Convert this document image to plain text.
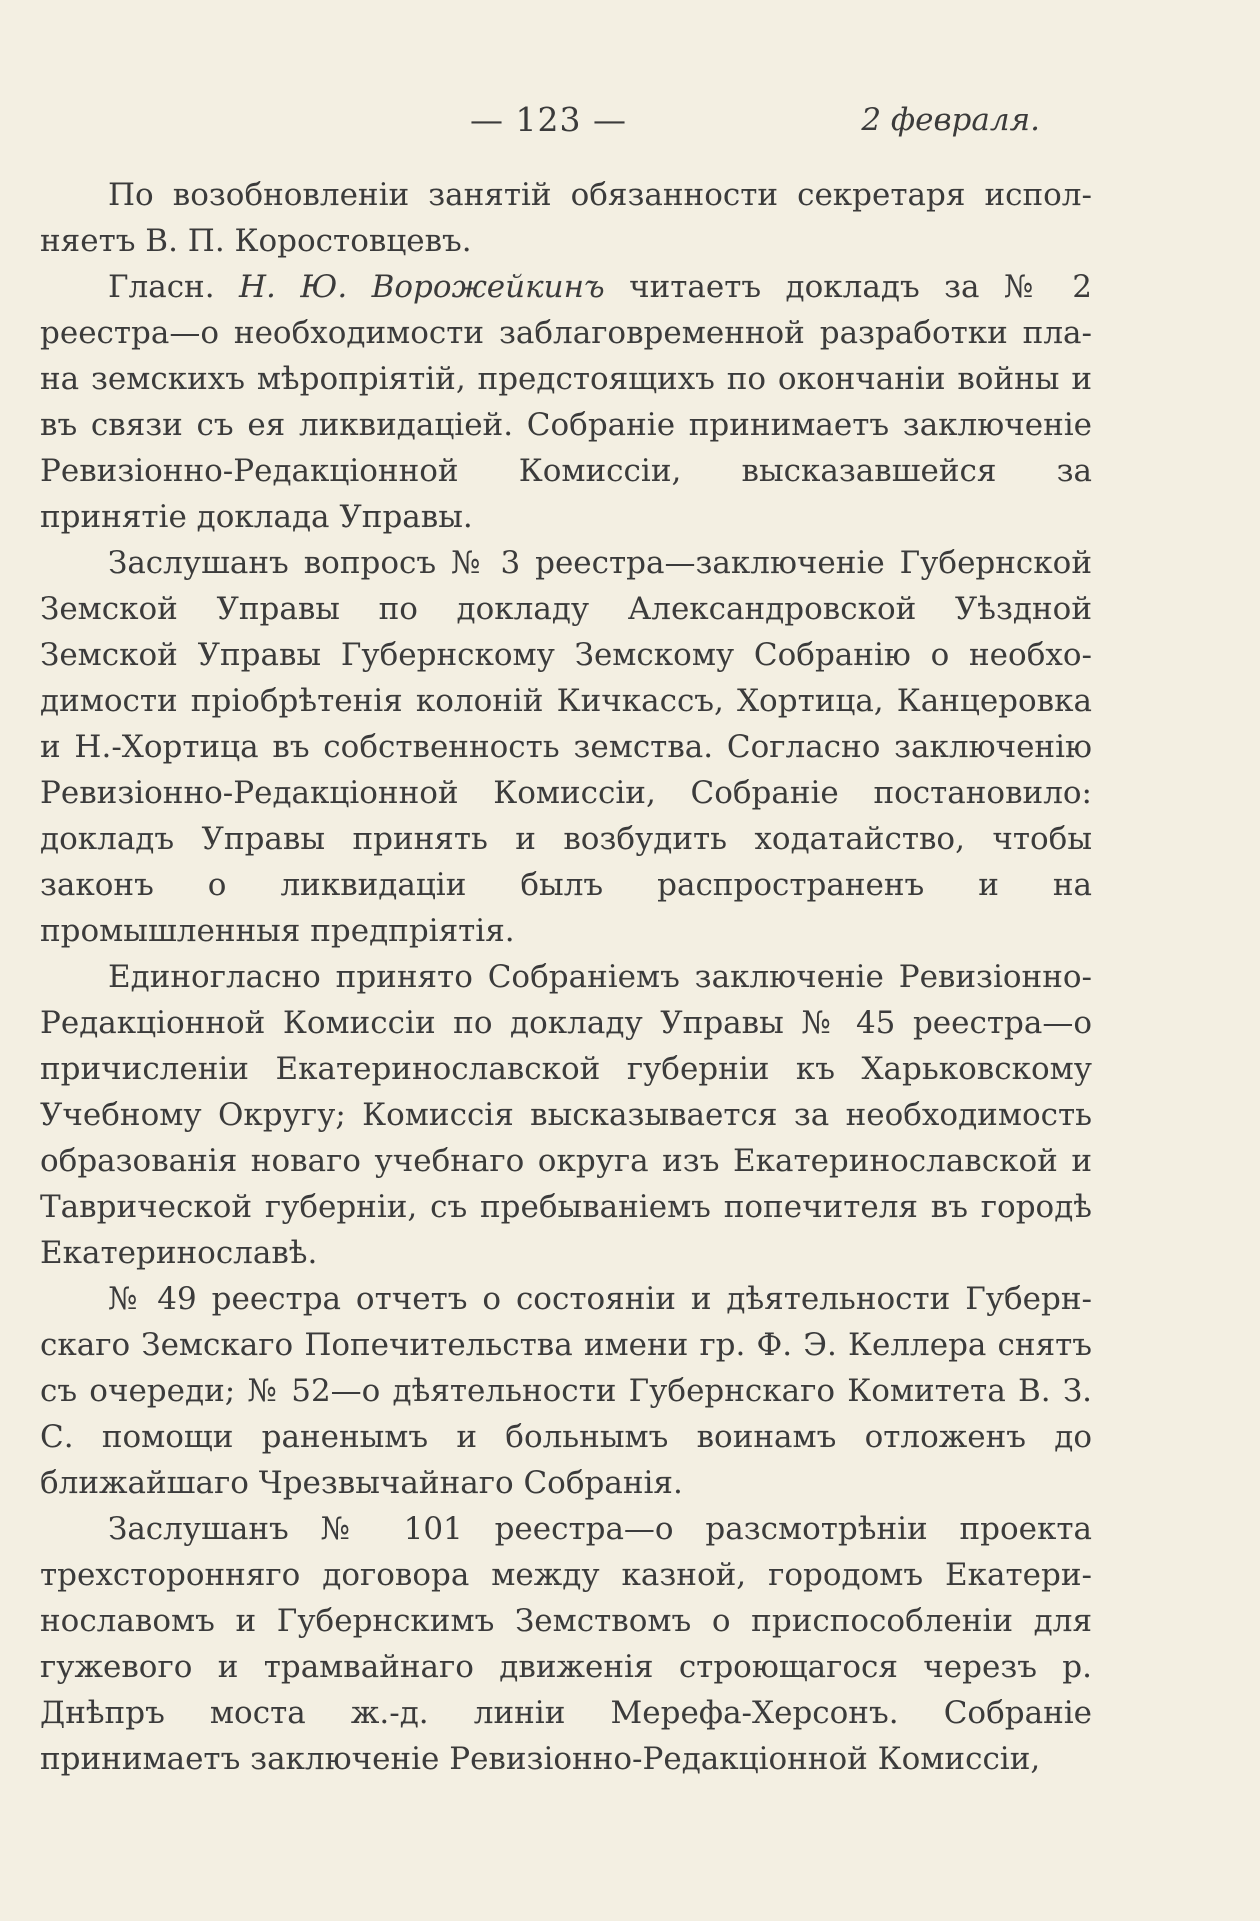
— 123 —	2 февраля.

По возобновленіи занятій обязанности секретаря исполняетъ В. П. Коростовцевъ.

Гласн. Н. Ю. Ворожейкинъ читаетъ докладъ за № 2 реестра—о необходимости заблаговременной разработки плана земскихъ мѣропріятій, предстоящихъ по окончаніи войны и въ связи съ ея ликвидаціей. Собраніе принимаетъ заключеніе Ревизіонно-Редакціонной Комиссіи, высказавшейся за принятіе доклада Управы.

Заслушанъ вопросъ № 3 реестра—заключеніе Губернской Земской Управы по докладу Александровской Уѣздной Земской Управы Губернскому Земскому Собранію о необходимости пріобрѣтенія колоній Кичкассъ, Хортица, Канцеровка и Н.-Хортица въ собственность земства. Согласно заключенію Ревизіонно-Редакціонной Комиссіи, Собраніе постановило: докладъ Управы принять и возбудить ходатайство, чтобы законъ о ликвидаціи былъ распространенъ и на промышленныя предпріятія.

Единогласно принято Собраніемъ заключеніе Ревизіонно-Редакціонной Комиссіи по докладу Управы № 45 реестра—о причисленіи Екатеринославской губерніи къ Харьковскому Учебному Округу; Комиссія высказывается за необходимость образованія новаго учебнаго округа изъ Екатеринославской и Таврической губерніи, съ пребываніемъ попечителя въ городѣ Екатеринославѣ.

№ 49 реестра отчетъ о состояніи и дѣятельности Губернскаго Земскаго Попечительства имени гр. Ф. Э. Келлера снятъ съ очереди; № 52—о дѣятельности Губернскаго Комитета В. З. С. помощи раненымъ и больнымъ воинамъ отложенъ до ближайшаго Чрезвычайнаго Собранія.

Заслушанъ № 101 реестра—о разсмотрѣніи проекта трехсторонняго договора между казной, городомъ Екатеринославомъ и Губернскимъ Земствомъ о приспособленіи для гужевого и трамвайнаго движенія строющагося черезъ р. Днѣпръ моста ж.-д. линіи Мерефа-Херсонъ. Собраніе принимаетъ заключеніе Ревизіонно-Редакціонной Комиссіи,
